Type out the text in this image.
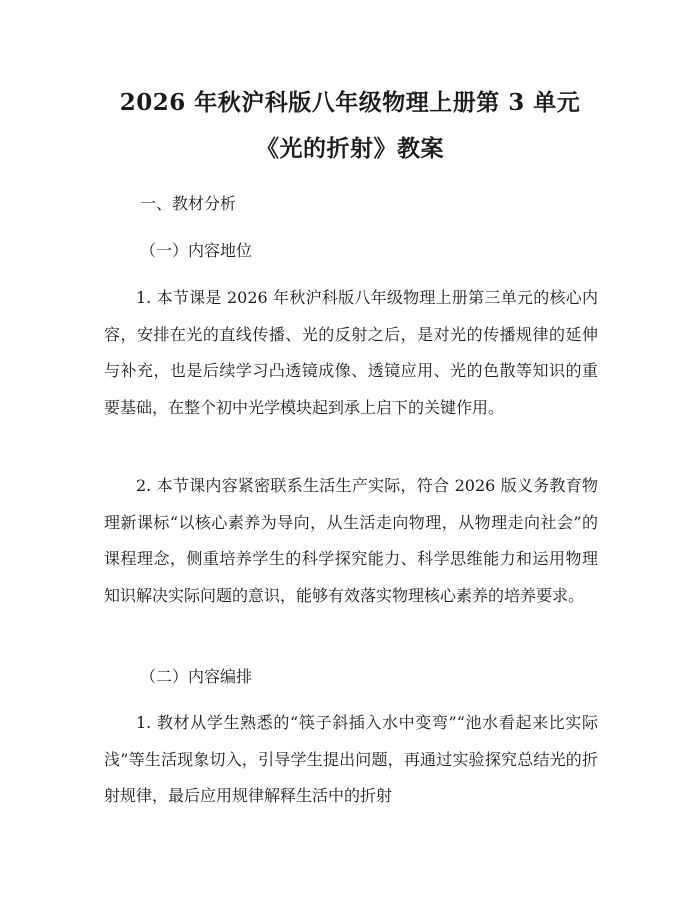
2026 年秋沪科版八年级物理上册第 3 单元
《光的折射》教案
一、教材分析
（一）内容地位

1. 本节课是 2026 年秋沪科版八年级物理上册第三单元的核心内容，安排在光的直线传播、光的反射之后，是对光的传播规律的延伸与补充，也是后续学习凸透镜成像、透镜应用、光的色散等知识的重要基础，在整个初中光学模块起到承上启下的关键作用。

2. 本节课内容紧密联系生活生产实际，符合 2026 版义务教育物理新课标“以核心素养为导向，从生活走向物理，从物理走向社会”的课程理念，侧重培养学生的科学探究能力、科学思维能力和运用物理知识解决实际问题的意识，能够有效落实物理核心素养的培养要求。

（二）内容编排

1. 教材从学生熟悉的“筷子斜插入水中变弯”“池水看起来比实际浅”等生活现象切入，引导学生提出问题，再通过实验探究总结光的折射规律，最后应用规律解释生活中的折射
